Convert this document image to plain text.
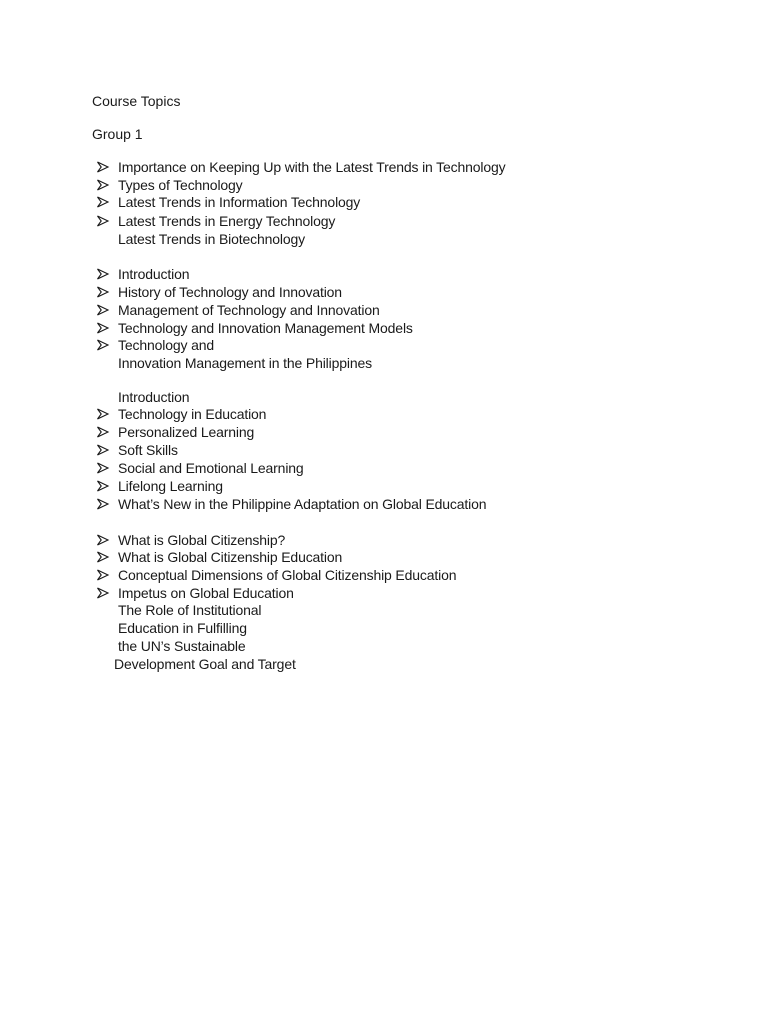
Course Topics
Group 1
Importance on Keeping Up with the Latest Trends in Technology
Types of Technology
Latest Trends in Information Technology
Latest Trends in Energy Technology
Latest Trends in Biotechnology
Introduction
History of Technology and Innovation
Management of Technology and Innovation
Technology and Innovation Management Models
Technology and
Innovation Management in the Philippines
Introduction
Technology in Education
Personalized Learning
Soft Skills
Social and Emotional Learning
Lifelong Learning
What’s New in the Philippine Adaptation on Global Education
What is Global Citizenship?
What is Global Citizenship Education
Conceptual Dimensions of Global Citizenship Education
Impetus on Global Education
The Role of Institutional
Education in Fulfilling
the UN’s Sustainable
Development Goal and Target
